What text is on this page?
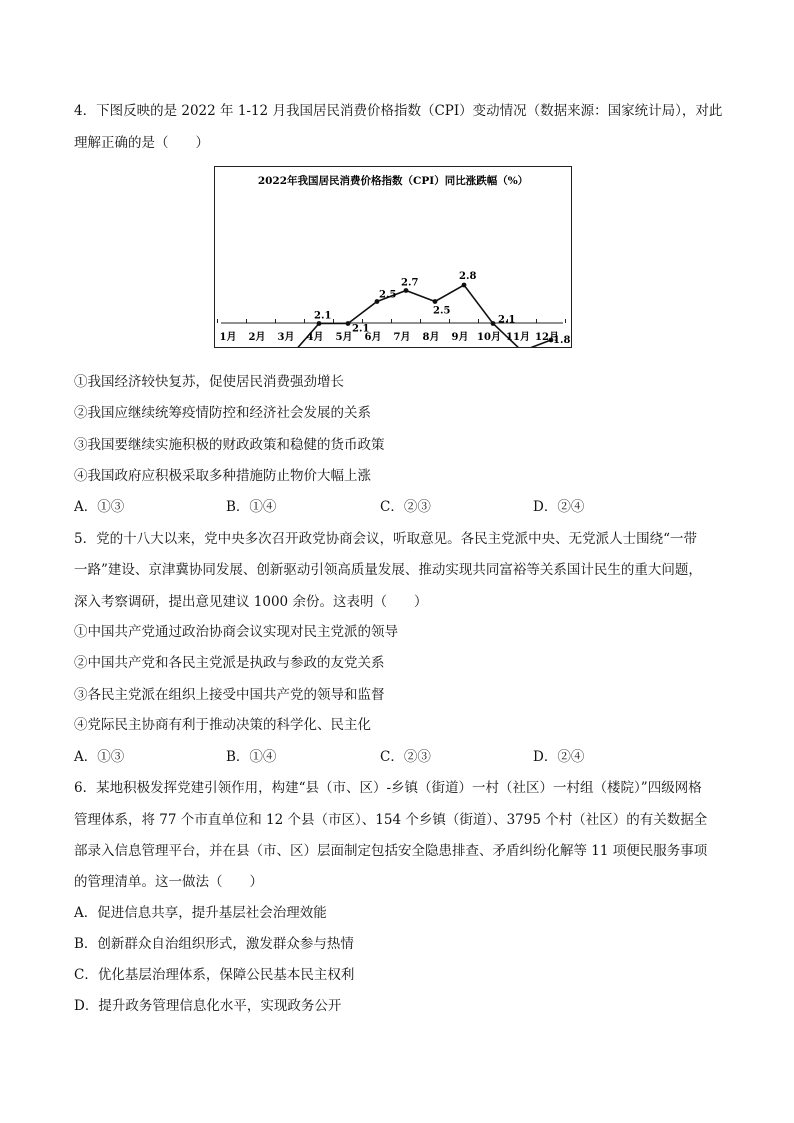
4．下图反映的是 2022 年 1-12 月我国居民消费价格指数（CPI）变动情况（数据来源：国家统计局），对此
理解正确的是（　　）
2022年我国居民消费价格指数（CPI）同比涨跌幅（%）
2.1
2.1
2.5
2.7
2.5
2.8
2.1
1.8
1月 2月 3月 4月 5月 6月 7月 8月 9月 10月 11月 12月
①我国经济较快复苏，促使居民消费强劲增长
②我国应继续统筹疫情防控和经济社会发展的关系
③我国要继续实施积极的财政政策和稳健的货币政策
④我国政府应积极采取多种措施防止物价大幅上涨
A．①③	B．①④	C．②③	D．②④
5．党的十八大以来，党中央多次召开政党协商会议，听取意见。各民主党派中央、无党派人士围绕“一带
一路”建设、京津冀协同发展、创新驱动引领高质量发展、推动实现共同富裕等关系国计民生的重大问题，
深入考察调研，提出意见建议 1000 余份。这表明（　　）
①中国共产党通过政治协商会议实现对民主党派的领导
②中国共产党和各民主党派是执政与参政的友党关系
③各民主党派在组织上接受中国共产党的领导和监督
④党际民主协商有利于推动决策的科学化、民主化
A．①③	B．①④	C．②③	D．②④
6．某地积极发挥党建引领作用，构建“县（市、区）-乡镇（街道）一村（社区）一村组（楼院）”四级网格
管理体系，将 77 个市直单位和 12 个县（市区）、154 个乡镇（街道）、3795 个村（社区）的有关数据全
部录入信息管理平台，并在县（市、区）层面制定包括安全隐患排查、矛盾纠纷化解等 11 项便民服务事项
的管理清单。这一做法（　　）
A．促进信息共享，提升基层社会治理效能
B．创新群众自治组织形式，激发群众参与热情
C．优化基层治理体系，保障公民基本民主权利
D．提升政务管理信息化水平，实现政务公开
